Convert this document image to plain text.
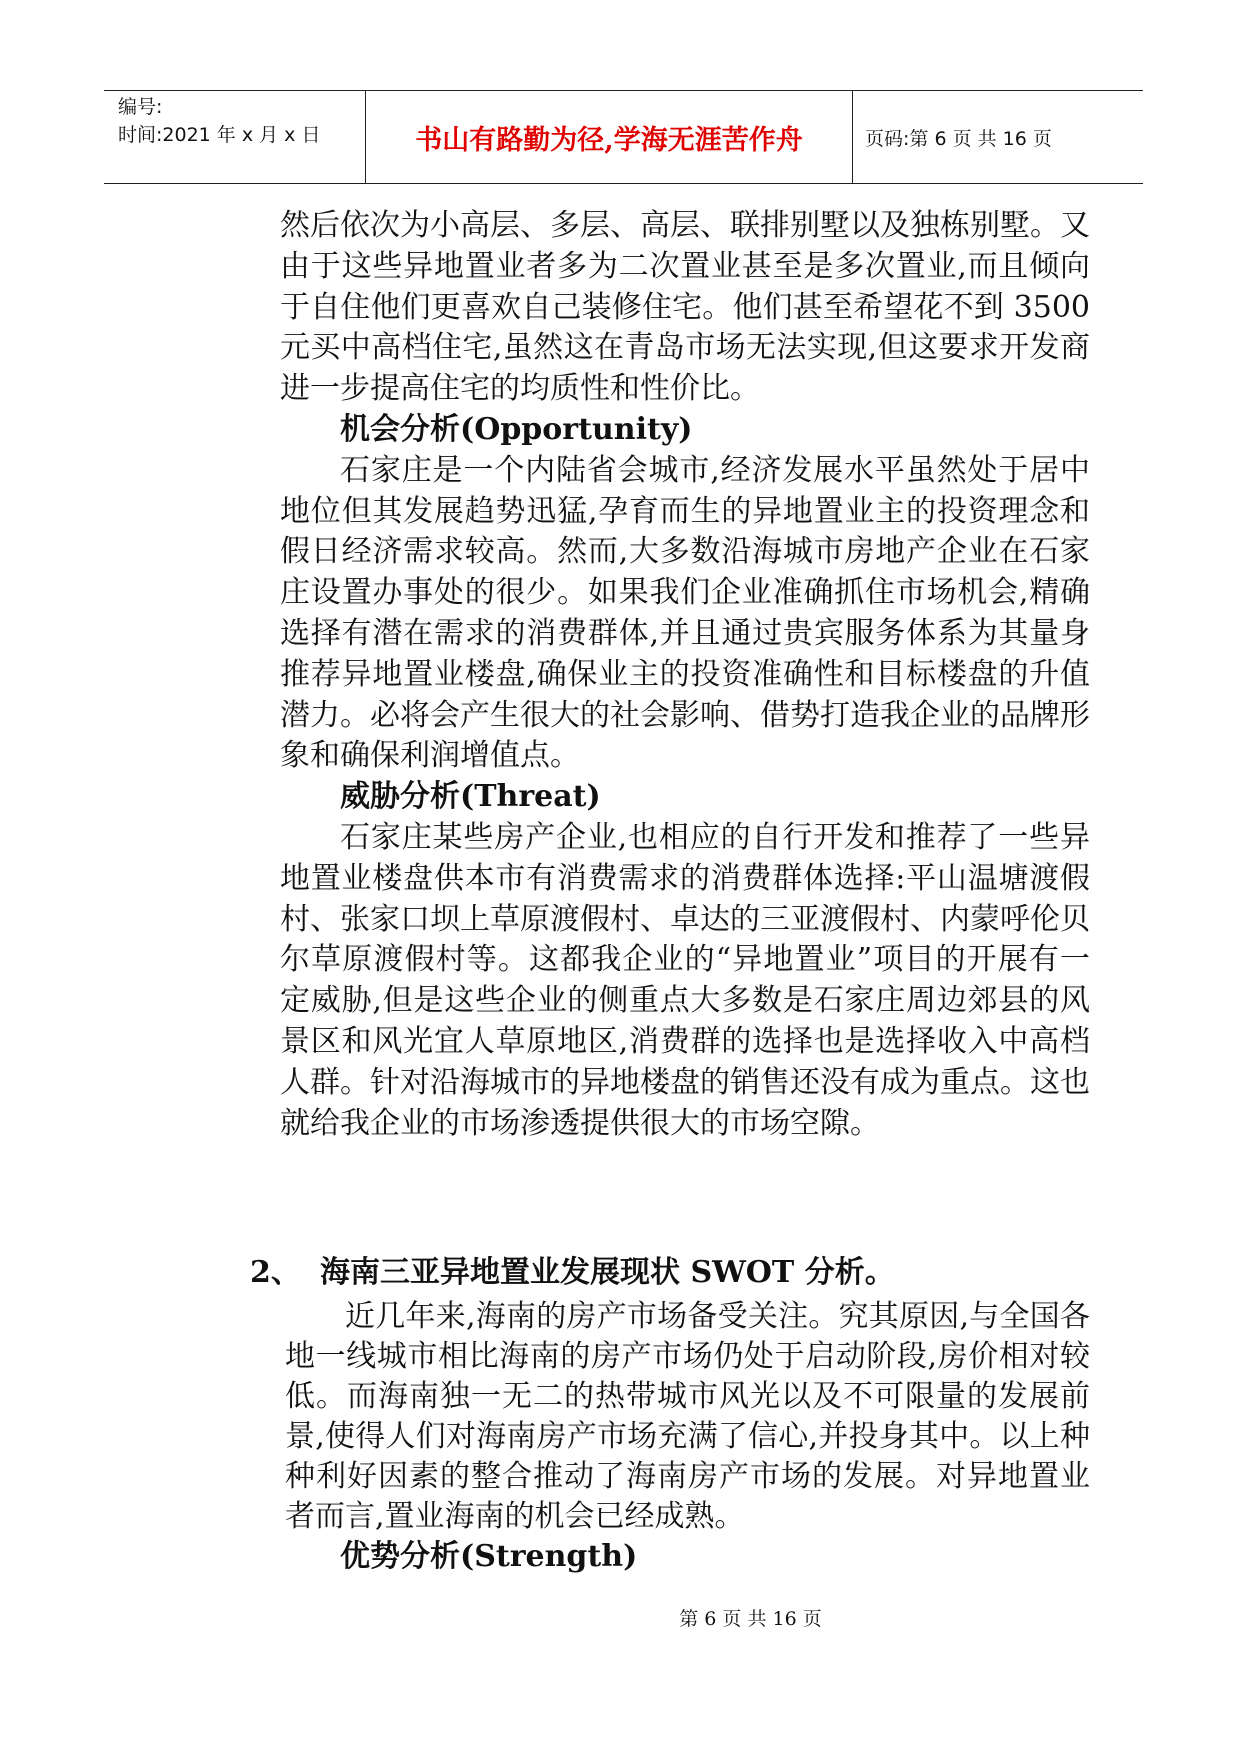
编号:
时间:2021 年 x 月 x 日	书山有路勤为径,学海无涯苦作舟	页码:第 6 页 共 16 页

然后依次为小高层、多层、高层、联排别墅以及独栋别墅。又由于这些异地置业者多为二次置业甚至是多次置业,而且倾向于自住他们更喜欢自己装修住宅。他们甚至希望花不到 3500 元买中高档住宅,虽然这在青岛市场无法实现,但这要求开发商进一步提高住宅的均质性和性价比。

机会分析(Opportunity)

石家庄是一个内陆省会城市,经济发展水平虽然处于居中地位但其发展趋势迅猛,孕育而生的异地置业主的投资理念和假日经济需求较高。然而,大多数沿海城市房地产企业在石家庄设置办事处的很少。如果我们企业准确抓住市场机会,精确选择有潜在需求的消费群体,并且通过贵宾服务体系为其量身推荐异地置业楼盘,确保业主的投资准确性和目标楼盘的升值潜力。必将会产生很大的社会影响、借势打造我企业的品牌形象和确保利润增值点。

威胁分析(Threat)

石家庄某些房产企业,也相应的自行开发和推荐了一些异地置业楼盘供本市有消费需求的消费群体选择:平山温塘渡假村、张家口坝上草原渡假村、卓达的三亚渡假村、内蒙呼伦贝尔草原渡假村等。这都我企业的“异地置业”项目的开展有一定威胁,但是这些企业的侧重点大多数是石家庄周边郊县的风景区和风光宜人草原地区,消费群的选择也是选择收入中高档人群。针对沿海城市的异地楼盘的销售还没有成为重点。这也就给我企业的市场渗透提供很大的市场空隙。

2、 海南三亚异地置业发展现状 SWOT 分析。

近几年来,海南的房产市场备受关注。究其原因,与全国各地一线城市相比海南的房产市场仍处于启动阶段,房价相对较低。而海南独一无二的热带城市风光以及不可限量的发展前景,使得人们对海南房产市场充满了信心,并投身其中。以上种种利好因素的整合推动了海南房产市场的发展。对异地置业者而言,置业海南的机会已经成熟。

优势分析(Strength)
第 6 页 共 16 页
